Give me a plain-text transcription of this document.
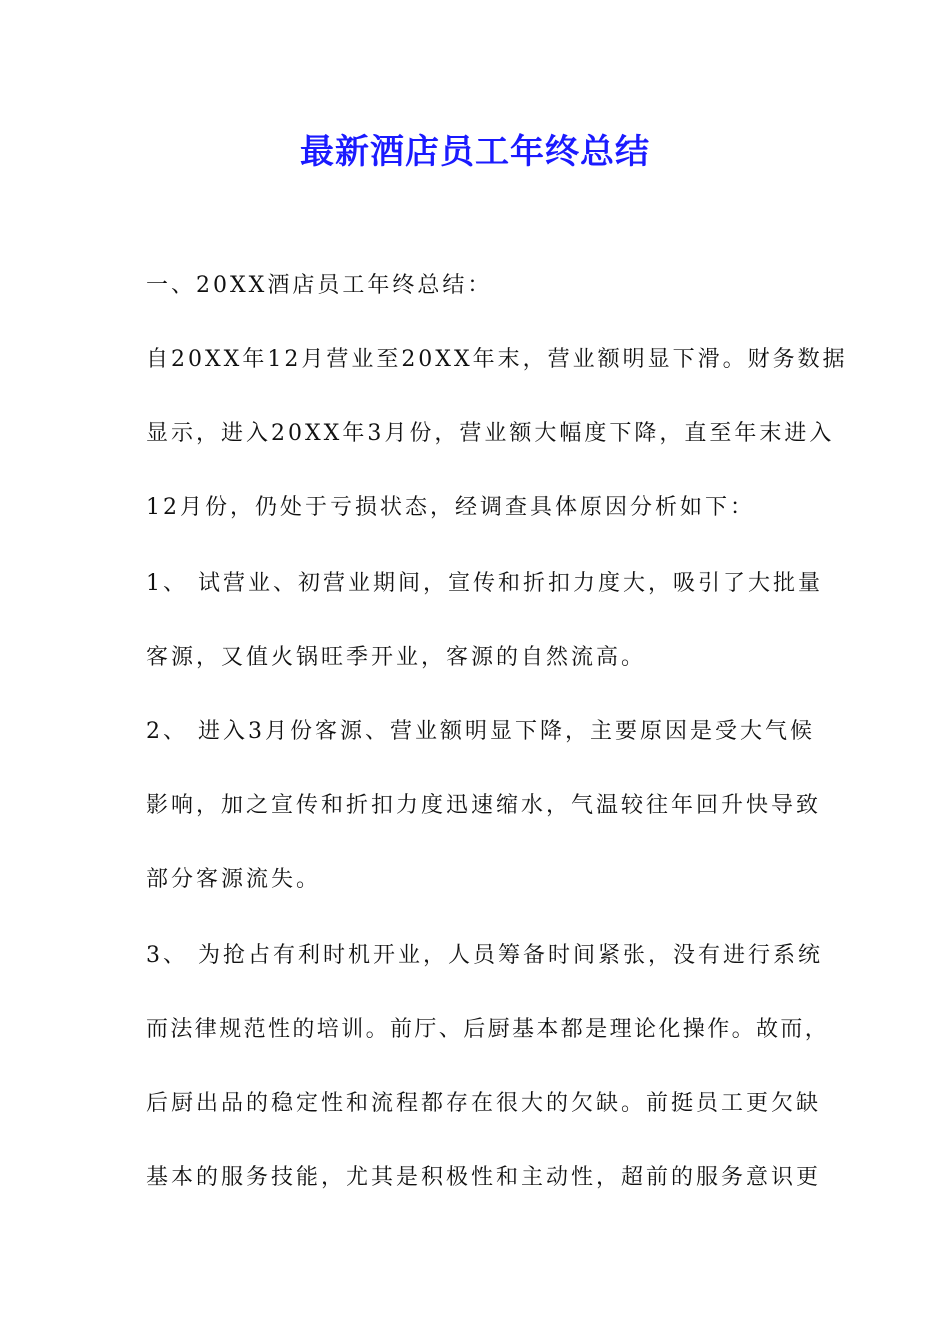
最新酒店员工年终总结
一、20XX酒店员工年终总结：
自20XX年12月营业至20XX年末，营业额明显下滑。财务数据
显示，进入20XX年3月份，营业额大幅度下降，直至年末进入
12月份，仍处于亏损状态，经调查具体原因分析如下：
1、 试营业、初营业期间，宣传和折扣力度大，吸引了大批量
客源，又值火锅旺季开业，客源的自然流高。
2、 进入3月份客源、营业额明显下降，主要原因是受大气候
影响，加之宣传和折扣力度迅速缩水，气温较往年回升快导致
部分客源流失。
3、 为抢占有利时机开业，人员筹备时间紧张，没有进行系统
而法律规范性的培训。前厅、后厨基本都是理论化操作。故而，
后厨出品的稳定性和流程都存在很大的欠缺。前挺员工更欠缺
基本的服务技能，尤其是积极性和主动性，超前的服务意识更
